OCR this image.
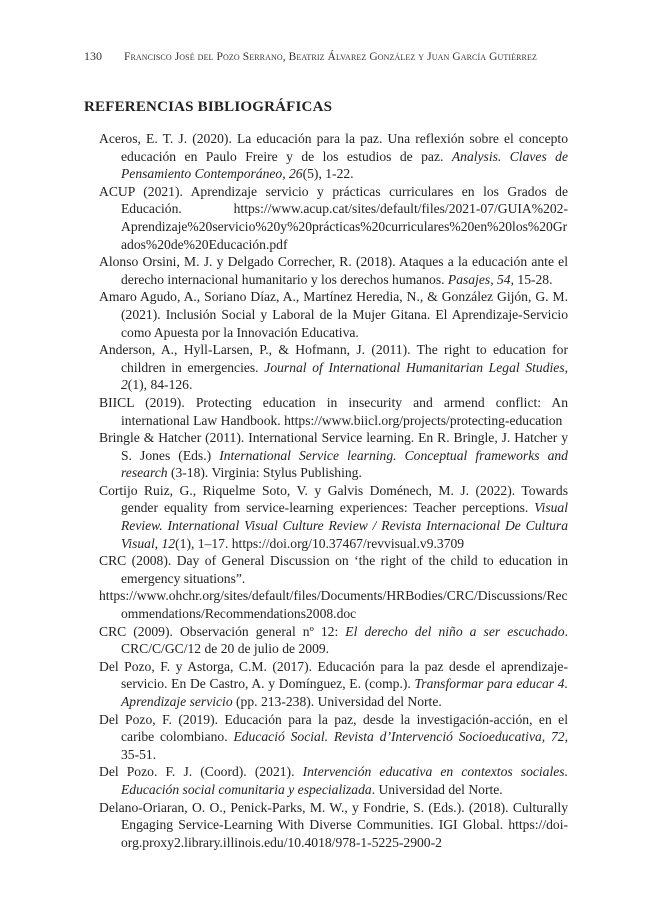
130	Francisco José del Pozo Serrano, Beatriz Álvarez González y Juan García Gutiérrez
REFERENCIAS BIBLIOGRÁFICAS

Aceros, E. T. J. (2020). La educación para la paz. Una reflexión sobre el concepto educación en Paulo Freire y de los estudios de paz. Analysis. Claves de Pensamiento Contemporáneo, 26(5), 1-22.

ACUP (2021). Aprendizaje servicio y prácticas curriculares en los Grados de Educación. https://www.acup.cat/sites/default/files/2021-07/GUIA%202-Aprendizaje%20servicio%20y%20prácticas%20curriculares%20en%20los%20Grados%20de%20Educación.pdf

Alonso Orsini, M. J. y Delgado Correcher, R. (2018). Ataques a la educación ante el derecho internacional humanitario y los derechos humanos. Pasajes, 54, 15-28.

Amaro Agudo, A., Soriano Díaz, A., Martínez Heredia, N., & González Gijón, G. M. (2021). Inclusión Social y Laboral de la Mujer Gitana. El Aprendizaje-Servicio como Apuesta por la Innovación Educativa.

Anderson, A., Hyll-Larsen, P., & Hofmann, J. (2011). The right to education for children in emergencies. Journal of International Humanitarian Legal Studies, 2(1), 84-126.

BIICL (2019). Protecting education in insecurity and armend conflict: An international Law Handbook. https://www.biicl.org/projects/protecting-education

Bringle & Hatcher (2011). International Service learning. En R. Bringle, J. Hatcher y S. Jones (Eds.) International Service learning. Conceptual frameworks and research (3-18). Virginia: Stylus Publishing.

Cortijo Ruiz, G., Riquelme Soto, V. y Galvis Doménech, M. J. (2022). Towards gender equality from service-learning experiences: Teacher perceptions. Visual Review. International Visual Culture Review / Revista Internacional De Cultura Visual, 12(1), 1–17. https://doi.org/10.37467/revvisual.v9.3709

CRC (2008). Day of General Discussion on ‘the right of the child to education in emergency situations”.

https://www.ohchr.org/sites/default/files/Documents/HRBodies/CRC/Discussions/Recommendations/Recommendations2008.doc

CRC (2009). Observación general nº 12: El derecho del niño a ser escuchado. CRC/C/GC/12 de 20 de julio de 2009.

Del Pozo, F. y Astorga, C.M. (2017). Educación para la paz desde el aprendizaje-servicio. En De Castro, A. y Domínguez, E. (comp.). Transformar para educar 4. Aprendizaje servicio (pp. 213-238). Universidad del Norte.

Del Pozo, F. (2019). Educación para la paz, desde la investigación-acción, en el caribe colombiano. Educació Social. Revista d’Intervenció Socioeducativa, 72, 35-51.

Del Pozo. F. J. (Coord). (2021). Intervención educativa en contextos sociales. Educación social comunitaria y especializada. Universidad del Norte.

Delano-Oriaran, O. O., Penick-Parks, M. W., y Fondrie, S. (Eds.). (2018). Culturally Engaging Service-Learning With Diverse Communities. IGI Global. https://doi-org.proxy2.library.illinois.edu/10.4018/978-1-5225-2900-2
